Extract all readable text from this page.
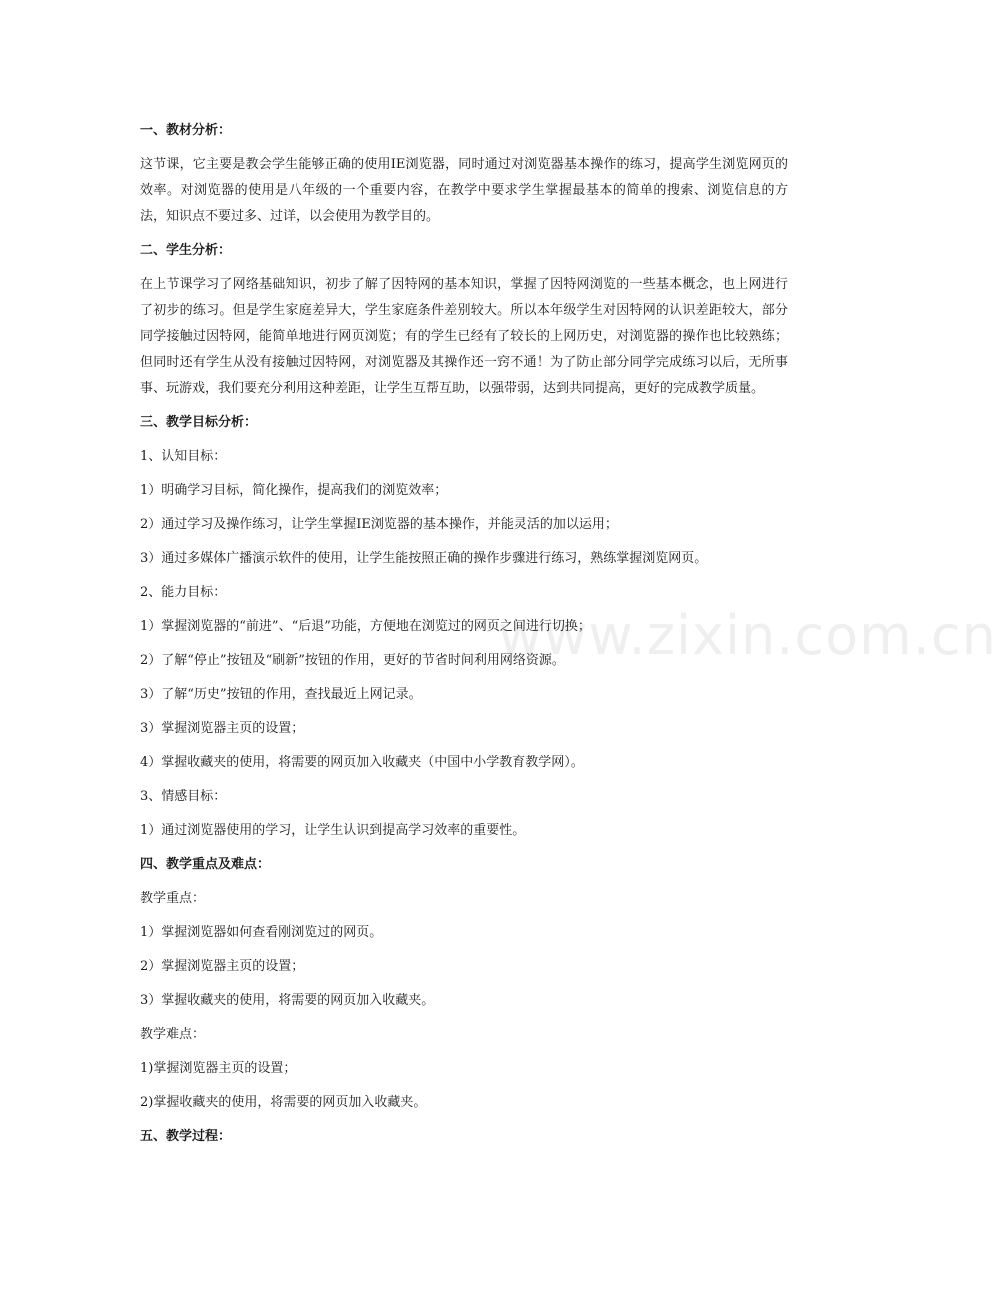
www.zixin.com.cn
一、教材分析：
这节课，它主要是教会学生能够正确的使用IE浏览器，同时通过对浏览器基本操作的练习，提高学生浏览网页的效率。对浏览器的使用是八年级的一个重要内容，在教学中要求学生掌握最基本的简单的搜索、浏览信息的方法，知识点不要过多、过详，以会使用为教学目的。
二、学生分析：
在上节课学习了网络基础知识，初步了解了因特网的基本知识，掌握了因特网浏览的一些基本概念，也上网进行了初步的练习。但是学生家庭差异大，学生家庭条件差别较大。所以本年级学生对因特网的认识差距较大，部分同学接触过因特网，能简单地进行网页浏览；有的学生已经有了较长的上网历史，对浏览器的操作也比较熟练；但同时还有学生从没有接触过因特网，对浏览器及其操作还一窍不通！为了防止部分同学完成练习以后，无所事事、玩游戏，我们要充分利用这种差距，让学生互帮互助，以强带弱，达到共同提高，更好的完成教学质量。
三、教学目标分析：
1、认知目标：
1）明确学习目标，简化操作，提高我们的浏览效率；
2）通过学习及操作练习，让学生掌握IE浏览器的基本操作，并能灵活的加以运用；
3）通过多媒体广播演示软件的使用，让学生能按照正确的操作步骤进行练习，熟练掌握浏览网页。
2、能力目标：
1）掌握浏览器的“前进”、“后退”功能，方便地在浏览过的网页之间进行切换；
2）了解“停止”按钮及“刷新”按钮的作用，更好的节省时间利用网络资源。
3）了解“历史”按钮的作用，查找最近上网记录。
3）掌握浏览器主页的设置；
4）掌握收藏夹的使用，将需要的网页加入收藏夹（中国中小学教育教学网）。
3、情感目标：
1）通过浏览器使用的学习，让学生认识到提高学习效率的重要性。
四、教学重点及难点：
教学重点：
1）掌握浏览器如何查看刚浏览过的网页。
2）掌握浏览器主页的设置；
3）掌握收藏夹的使用，将需要的网页加入收藏夹。
教学难点：
1)掌握浏览器主页的设置；
2)掌握收藏夹的使用，将需要的网页加入收藏夹。
五、教学过程：
